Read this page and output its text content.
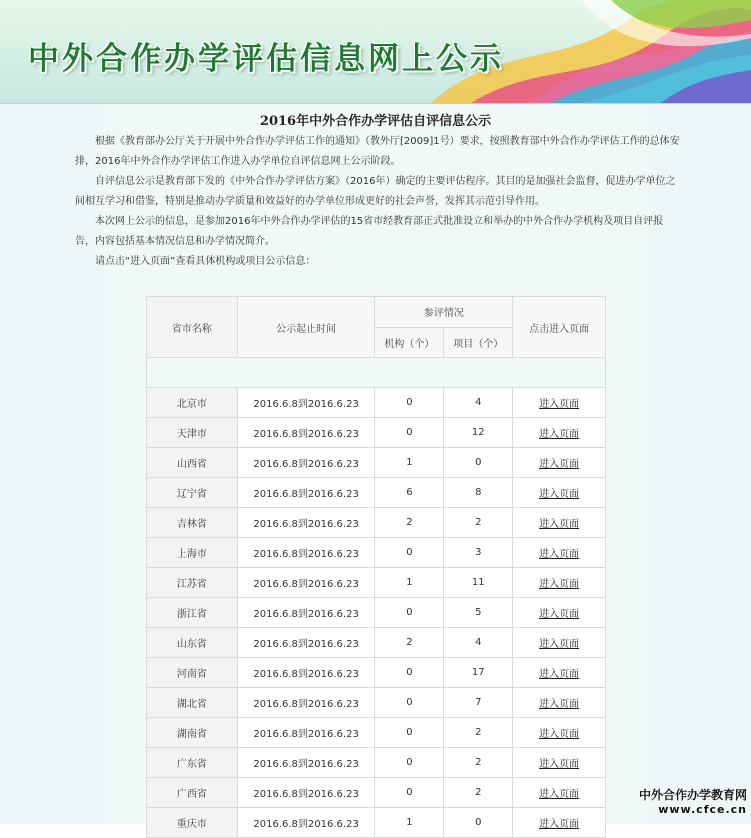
中外合作办学评估信息网上公示
2016年中外合作办学评估自评信息公示

根据《教育部办公厅关于开展中外合作办学评估工作的通知》（教外厅[2009]1号）要求，按照教育部中外合作办学评估工作的总体安排，2016年中外合作办学评估工作进入办学单位自评信息网上公示阶段。

自评信息公示是教育部下发的《中外合作办学评估方案》（2016年）确定的主要评估程序。其目的是加强社会监督，促进办学单位之间相互学习和借鉴，特别是推动办学质量和效益好的办学单位形成更好的社会声誉，发挥其示范引导作用。

本次网上公示的信息，是参加2016年中外合作办学评估的15省市经教育部正式批准设立和举办的中外合作办学机构及项目自评报告，内容包括基本情况信息和办学情况简介。

请点击“进入页面”查看具体机构或项目公示信息：

省市名称	公示起止时间	参评情况		点击进入页面
		机构（个）	项目（个）	

北京市	2016.6.8到2016.6.23	0	4	进入页面
天津市	2016.6.8到2016.6.23	0	12	进入页面
山西省	2016.6.8到2016.6.23	1	0	进入页面
辽宁省	2016.6.8到2016.6.23	6	8	进入页面
吉林省	2016.6.8到2016.6.23	2	2	进入页面
上海市	2016.6.8到2016.6.23	0	3	进入页面
江苏省	2016.6.8到2016.6.23	1	11	进入页面
浙江省	2016.6.8到2016.6.23	0	5	进入页面
山东省	2016.6.8到2016.6.23	2	4	进入页面
河南省	2016.6.8到2016.6.23	0	17	进入页面
湖北省	2016.6.8到2016.6.23	0	7	进入页面
湖南省	2016.6.8到2016.6.23	0	2	进入页面
广东省	2016.6.8到2016.6.23	0	2	进入页面
广西省	2016.6.8到2016.6.23	0	2	进入页面
重庆市	2016.6.8到2016.6.23	1	0	进入页面
中外合作办学教育网
www.cfce.cn
